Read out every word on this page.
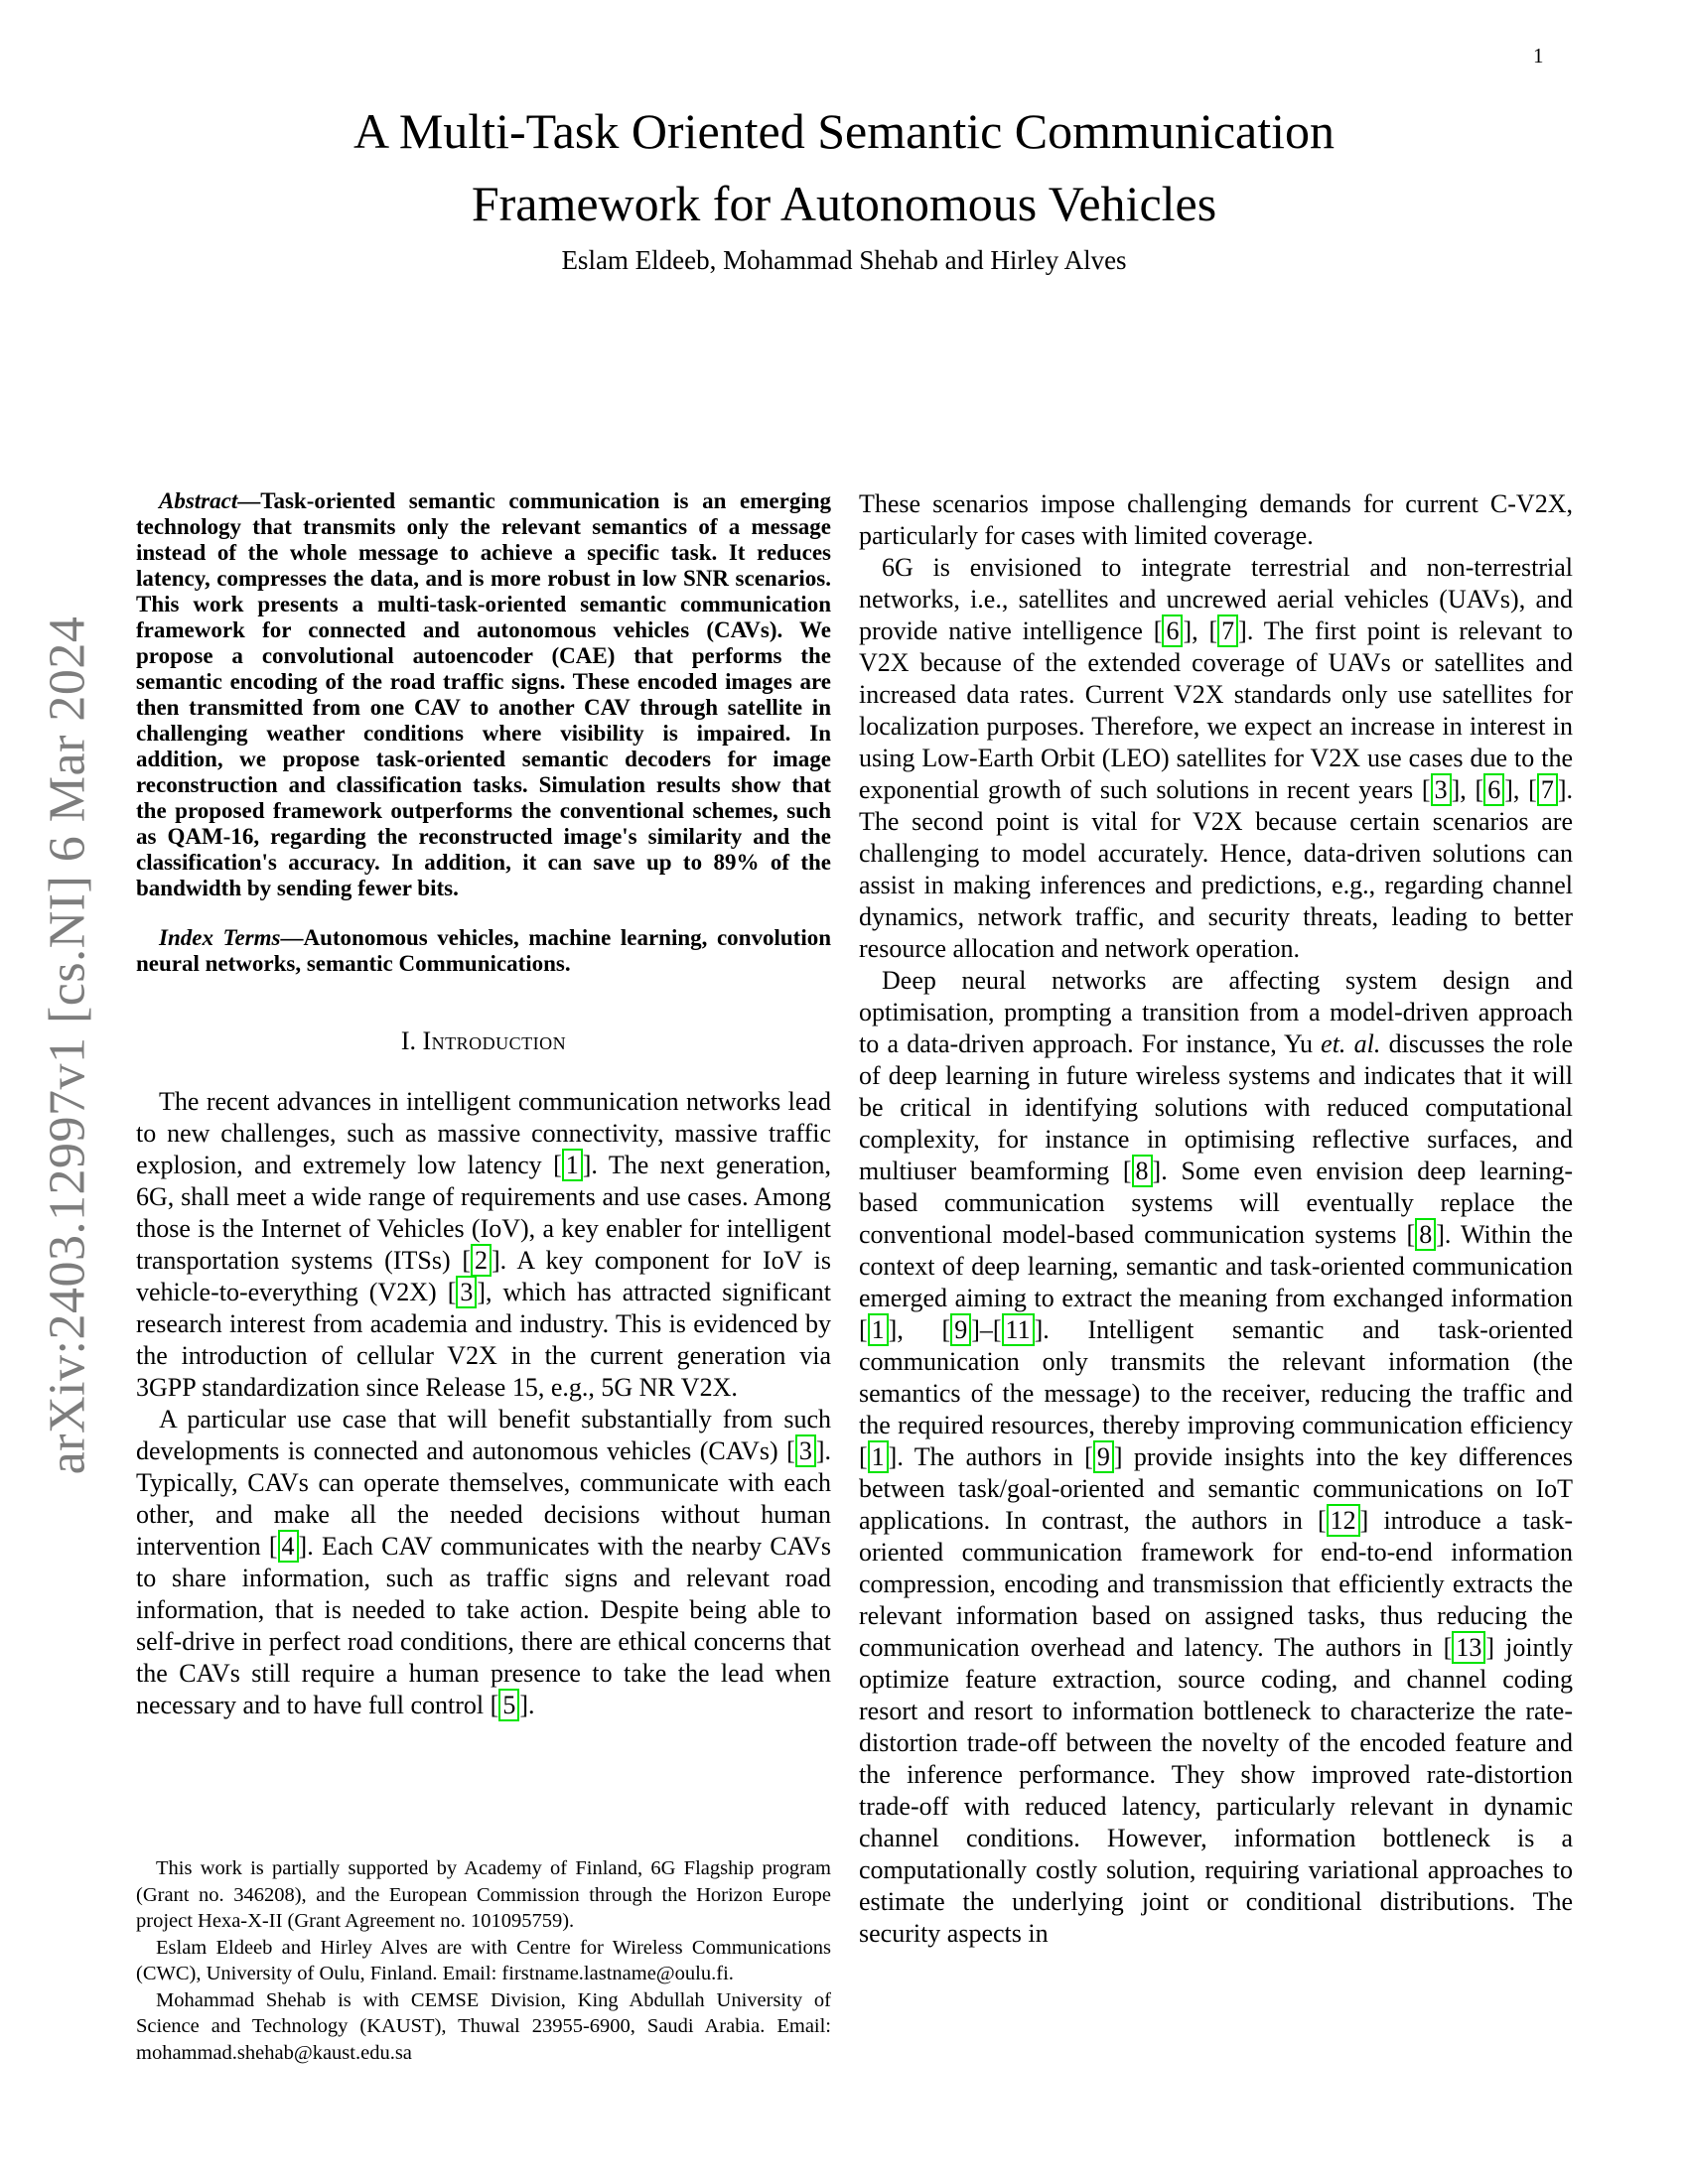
1
arXiv:2403.12997v1 [cs.NI] 6 Mar 2024
A Multi-Task Oriented Semantic Communication
Framework for Autonomous Vehicles
Eslam Eldeeb, Mohammad Shehab and Hirley Alves

Abstract—Task-oriented semantic communication is an emerging technology that transmits only the relevant semantics of a message instead of the whole message to achieve a specific task. It reduces latency, compresses the data, and is more robust in low SNR scenarios. This work presents a multi-task-oriented semantic communication framework for connected and autonomous vehicles (CAVs). We propose a convolutional autoencoder (CAE) that performs the semantic encoding of the road traffic signs. These encoded images are then transmitted from one CAV to another CAV through satellite in challenging weather conditions where visibility is impaired. In addition, we propose task-oriented semantic decoders for image reconstruction and classification tasks. Simulation results show that the proposed framework outperforms the conventional schemes, such as QAM-16, regarding the reconstructed image's similarity and the classification's accuracy. In addition, it can save up to 89% of the bandwidth by sending fewer bits.

Index Terms—Autonomous vehicles, machine learning, convolution neural networks, semantic Communications.

I. Introduction

The recent advances in intelligent communication networks lead to new challenges, such as massive connectivity, massive traffic explosion, and extremely low latency [ 1 ]. The next generation, 6G, shall meet a wide range of requirements and use cases. Among those is the Internet of Vehicles (IoV), a key enabler for intelligent transportation systems (ITSs) [ 2 ]. A key component for IoV is vehicle-to-everything (V2X) [ 3 ], which has attracted significant research interest from academia and industry. This is evidenced by the introduction of cellular V2X in the current generation via 3GPP standardization since Release 15, e.g., 5G NR V2X.

A particular use case that will benefit substantially from such developments is connected and autonomous vehicles (CAVs) [ 3 ]. Typically, CAVs can operate themselves, communicate with each other, and make all the needed decisions without human intervention [ 4 ]. Each CAV communicates with the nearby CAVs to share information, such as traffic signs and relevant road information, that is needed to take action. Despite being able to self-drive in perfect road conditions, there are ethical concerns that the CAVs still require a human presence to take the lead when necessary and to have full control [ 5 ].

This work is partially supported by Academy of Finland, 6G Flagship program (Grant no. 346208), and the European Commission through the Horizon Europe project Hexa-X-II (Grant Agreement no. 101095759).

Eslam Eldeeb and Hirley Alves are with Centre for Wireless Communications (CWC), University of Oulu, Finland. Email: firstname.lastname@oulu.fi.

Mohammad Shehab is with CEMSE Division, King Abdullah University of Science and Technology (KAUST), Thuwal 23955-6900, Saudi Arabia. Email: mohammad.shehab@kaust.edu.sa

These scenarios impose challenging demands for current C-V2X, particularly for cases with limited coverage.

6G is envisioned to integrate terrestrial and non-terrestrial networks, i.e., satellites and uncrewed aerial vehicles (UAVs), and provide native intelligence [ 6 ], [ 7 ]. The first point is relevant to V2X because of the extended coverage of UAVs or satellites and increased data rates. Current V2X standards only use satellites for localization purposes. Therefore, we expect an increase in interest in using Low-Earth Orbit (LEO) satellites for V2X use cases due to the exponential growth of such solutions in recent years [ 3 ], [ 6 ], [ 7 ]. The second point is vital for V2X because certain scenarios are challenging to model accurately. Hence, data-driven solutions can assist in making inferences and predictions, e.g., regarding channel dynamics, network traffic, and security threats, leading to better resource allocation and network operation.

Deep neural networks are affecting system design and optimisation, prompting a transition from a model-driven approach to a data-driven approach. For instance, Yu et. al. discusses the role of deep learning in future wireless systems and indicates that it will be critical in identifying solutions with reduced computational complexity, for instance in optimising reflective surfaces, and multiuser beamforming [ 8 ]. Some even envision deep learning-based communication systems will eventually replace the conventional model-based communication systems [ 8 ]. Within the context of deep learning, semantic and task-oriented communication emerged aiming to extract the meaning from exchanged information [ 1 ], [ 9 ]–[ 11 ]. Intelligent semantic and task-oriented communication only transmits the relevant information (the semantics of the message) to the receiver, reducing the traffic and the required resources, thereby improving communication efficiency [ 1 ]. The authors in [ 9 ] provide insights into the key differences between task/goal-oriented and semantic communications on IoT applications. In contrast, the authors in [ 12 ] introduce a task-oriented communication framework for end-to-end information compression, encoding and transmission that efficiently extracts the relevant information based on assigned tasks, thus reducing the communication overhead and latency. The authors in [ 13 ] jointly optimize feature extraction, source coding, and channel coding resort and resort to information bottleneck to characterize the rate-distortion trade-off between the novelty of the encoded feature and the inference performance. They show improved rate-distortion trade-off with reduced latency, particularly relevant in dynamic channel conditions. However, information bottleneck is a computationally costly solution, requiring variational approaches to estimate the underlying joint or conditional distributions. The security aspects in
